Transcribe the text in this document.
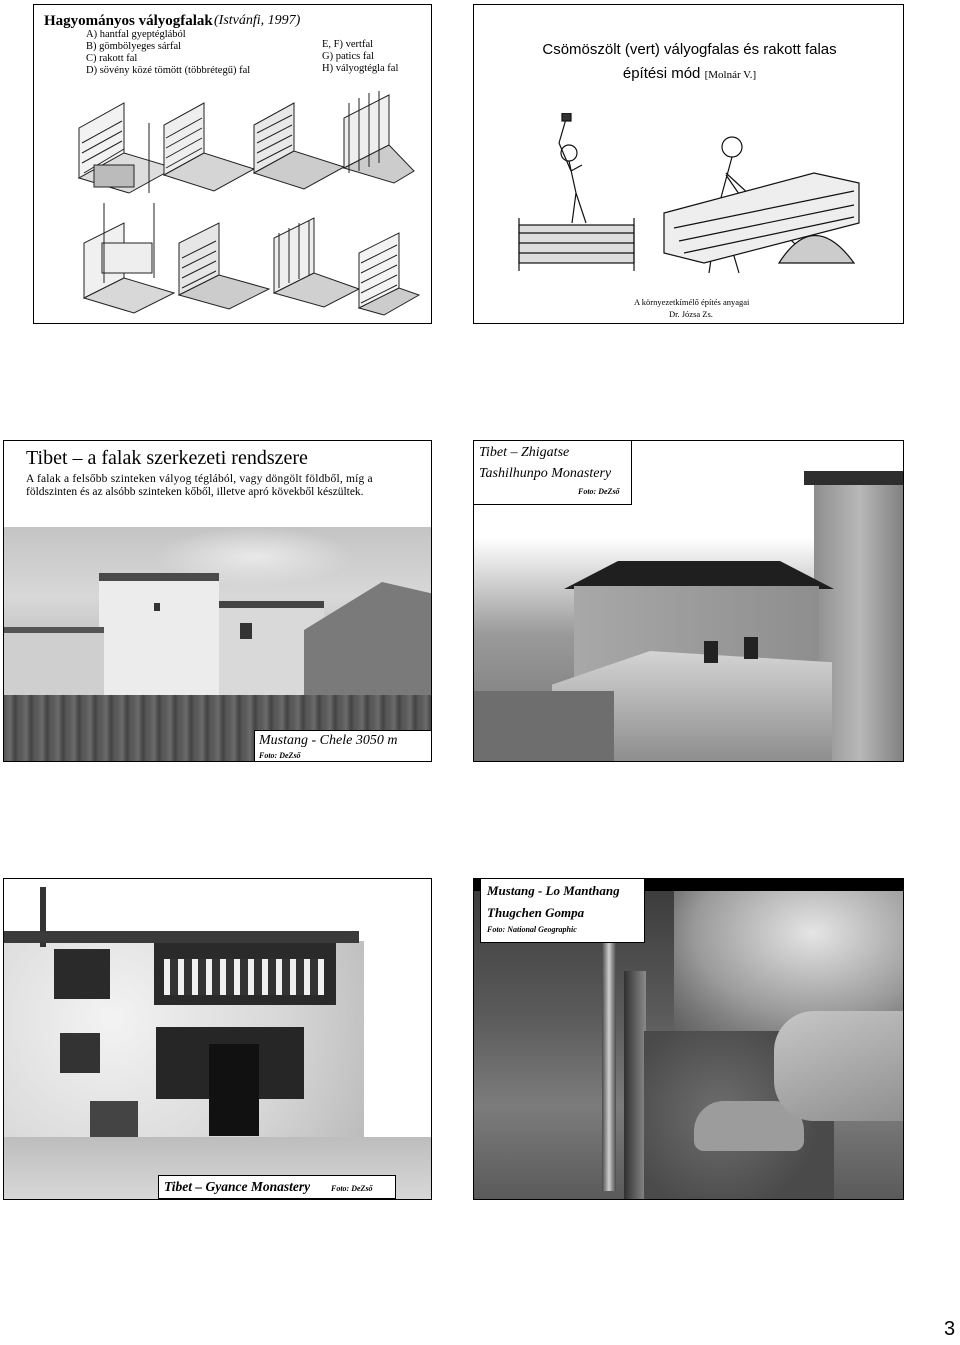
Hagyományos vályogfalak (Istvánfi, 1997)
A) hantfal gyeptéglából
B) gömbölyeges sárfal
C) rakott fal
D) sövény közé tömött (többrétegű) fal
E, F) vertfal
G) patics fal
H) vályogtégla fal
Csömöszölt (vert) vályogfalas és rakott falas
építési mód [Molnár V.]
A környezetkímélő építés anyagai
Dr. Józsa Zs.
Tibet – a falak szerkezeti rendszere
A falak a felsőbb szinteken vályog téglából, vagy döngölt földből, míg a
földszinten és az alsóbb szinteken kőből, illetve apró kövekből készültek.
Mustang - Chele 3050 m
Foto: DeZső
Tibet – Zhigatse
Tashilhunpo Monastery
Foto: DeZső
Tibet – Gyance Monastery	Foto: DeZső
Mustang - Lo Manthang
Thugchen Gompa
Foto: National Geographic
3
